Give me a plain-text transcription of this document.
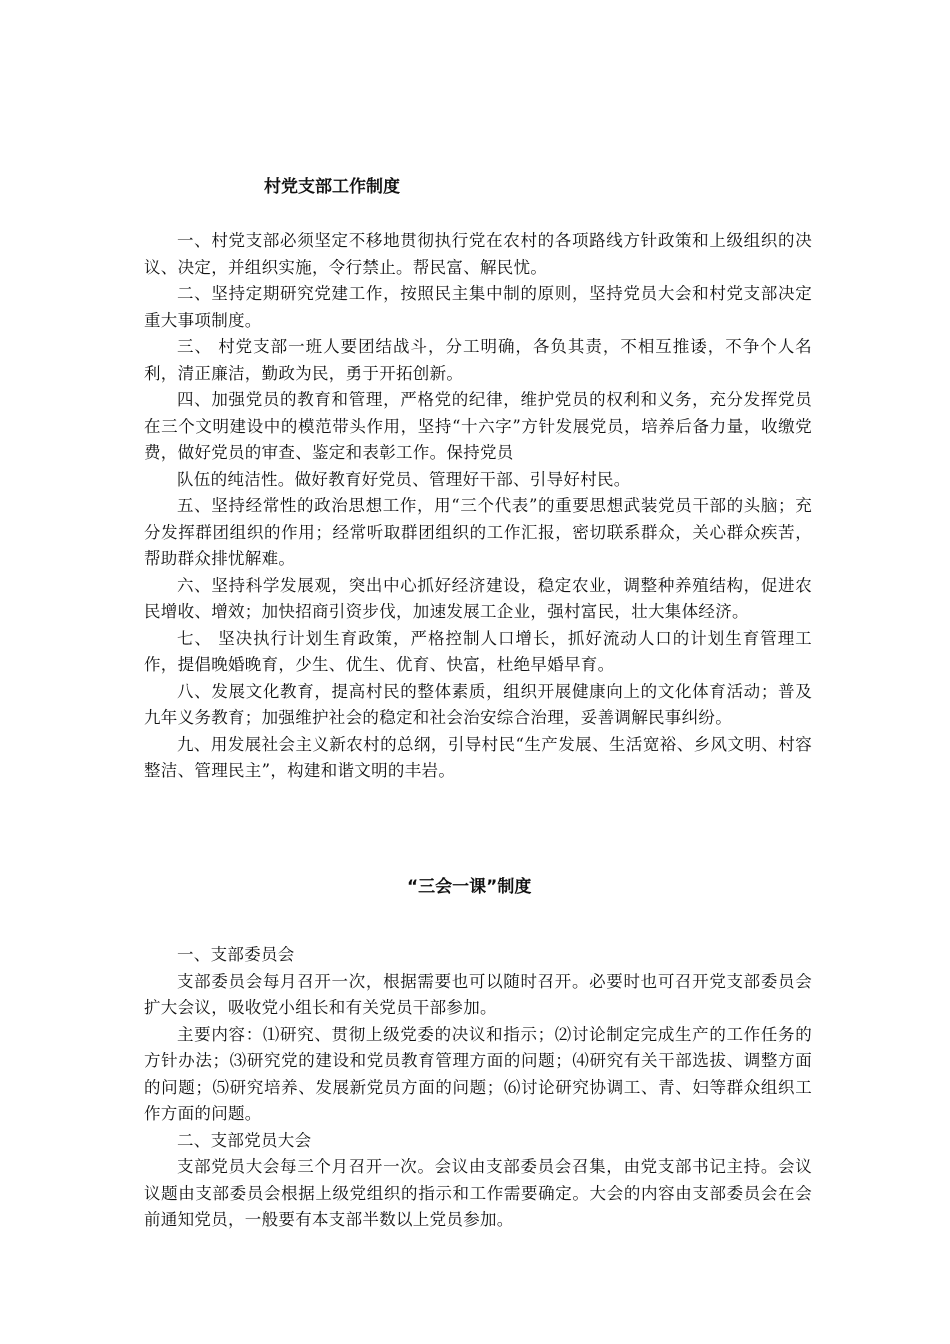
村党支部工作制度

一、村党支部必须坚定不移地贯彻执行党在农村的各项路线方针政策和上级组织的决议、决定，并组织实施，令行禁止。帮民富、解民忧。

二、坚持定期研究党建工作，按照民主集中制的原则，坚持党员大会和村党支部决定重大事项制度。

三、 村党支部一班人要团结战斗，分工明确，各负其责，不相互推诿，不争个人名利，清正廉洁，勤政为民，勇于开拓创新。

四、加强党员的教育和管理，严格党的纪律，维护党员的权利和义务，充分发挥党员在三个文明建设中的模范带头作用，坚持“十六字”方针发展党员，培养后备力量，收缴党费，做好党员的审查、鉴定和表彰工作。保持党员

队伍的纯洁性。做好教育好党员、管理好干部、引导好村民。

五、坚持经常性的政治思想工作，用“三个代表”的重要思想武装党员干部的头脑；充分发挥群团组织的作用；经常听取群团组织的工作汇报，密切联系群众，关心群众疾苦，帮助群众排忧解难。

六、坚持科学发展观，突出中心抓好经济建设，稳定农业，调整种养殖结构，促进农民增收、增效；加快招商引资步伐，加速发展工企业，强村富民，壮大集体经济。

七、 坚决执行计划生育政策，严格控制人口增长，抓好流动人口的计划生育管理工作，提倡晚婚晚育，少生、优生、优育、快富，杜绝早婚早育。

八、发展文化教育，提高村民的整体素质，组织开展健康向上的文化体育活动；普及九年义务教育；加强维护社会的稳定和社会治安综合治理，妥善调解民事纠纷。

九、用发展社会主义新农村的总纲，引导村民“生产发展、生活宽裕、乡风文明、村容整洁、管理民主”，构建和谐文明的丰岩。

“三会一课”制度

一、支部委员会

支部委员会每月召开一次，根据需要也可以随时召开。必要时也可召开党支部委员会扩大会议，吸收党小组长和有关党员干部参加。

主要内容：⑴研究、贯彻上级党委的决议和指示；⑵讨论制定完成生产的工作任务的方针办法；⑶研究党的建设和党员教育管理方面的问题；⑷研究有关干部选拔、调整方面的问题；⑸研究培养、发展新党员方面的问题；⑹讨论研究协调工、青、妇等群众组织工作方面的问题。

二、支部党员大会

支部党员大会每三个月召开一次。会议由支部委员会召集，由党支部书记主持。会议议题由支部委员会根据上级党组织的指示和工作需要确定。大会的内容由支部委员会在会前通知党员，一般要有本支部半数以上党员参加。
